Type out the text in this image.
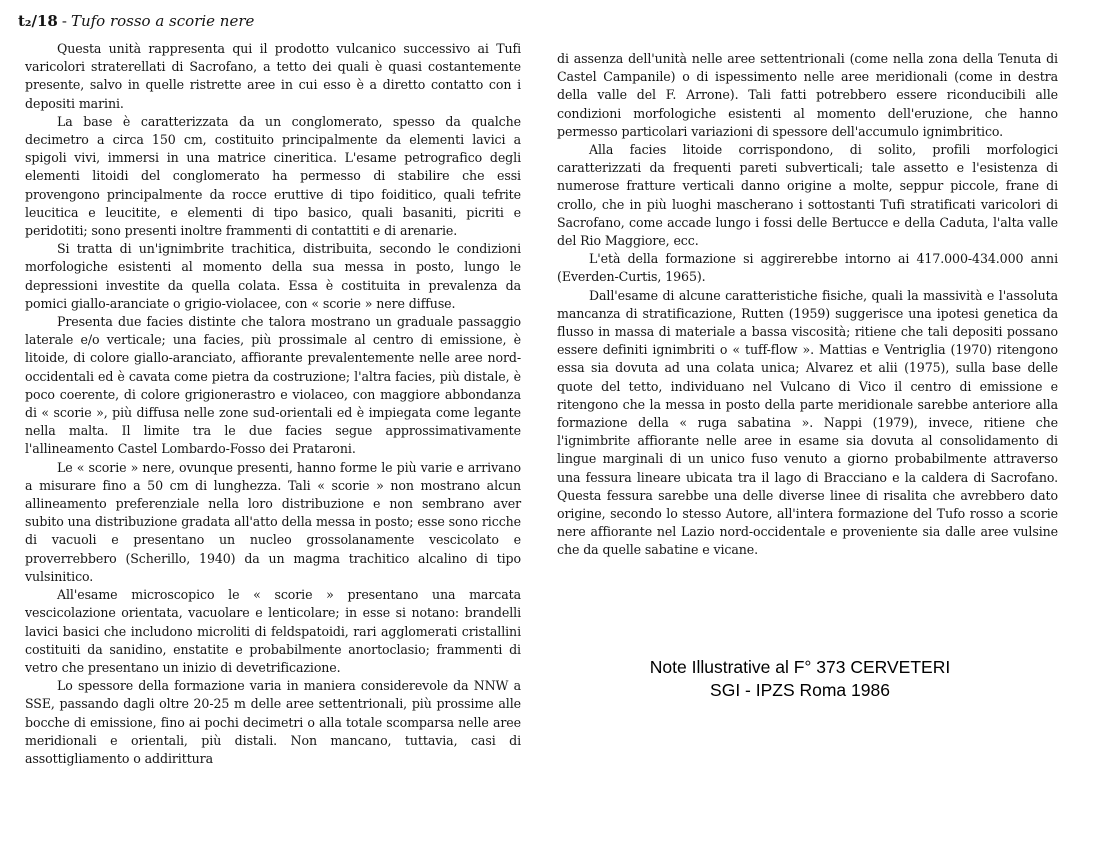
t₂/18 - Tufo rosso a scorie nere

Questa unità rappresenta qui il prodotto vulcanico successivo ai Tufi varicolori straterellati di Sacrofano, a tetto dei quali è quasi costantemente presente, salvo in quelle ristrette aree in cui esso è a diretto contatto con i depositi marini.

La base è caratterizzata da un conglomerato, spesso da qualche decimetro a circa 150 cm, costituito principalmente da elementi lavici a spigoli vivi, immersi in una matrice cineritica. L'esame petrografico degli elementi litoidi del conglomerato ha permesso di stabilire che essi provengono principalmente da rocce eruttive di tipo foiditico, quali tefrite leucitica e leucitite, e elementi di tipo basico, quali basaniti, picriti e peridotiti; sono presenti inoltre frammenti di contattiti e di arenarie.

Si tratta di un'ignimbrite trachitica, distribuita, secondo le condizioni morfologiche esistenti al momento della sua messa in posto, lungo le depressioni investite da quella colata. Essa è costituita in prevalenza da pomici giallo-aranciate o grigio-violacee, con « scorie » nere diffuse.

Presenta due facies distinte che talora mostrano un graduale passaggio laterale e/o verticale; una facies, più prossimale al centro di emissione, è litoide, di colore giallo-aranciato, affiorante prevalentemente nelle aree nord-occidentali ed è cavata come pietra da costruzione; l'altra facies, più distale, è poco coerente, di colore grigionerastro e violaceo, con maggiore abbondanza di « scorie », più diffusa nelle zone sud-orientali ed è impiegata come legante nella malta. Il limite tra le due facies segue approssimativamente l'allineamento Castel Lombardo-Fosso dei Prataroni.

Le « scorie » nere, ovunque presenti, hanno forme le più varie e arrivano a misurare fino a 50 cm di lunghezza. Tali « scorie » non mostrano alcun allineamento preferenziale nella loro distribuzione e non sembrano aver subito una distribuzione gradata all'atto della messa in posto; esse sono ricche di vacuoli e presentano un nucleo grossolanamente vescicolato e proverrebbero (Scherillo, 1940) da un magma trachitico alcalino di tipo vulsinitico.

All'esame microscopico le « scorie » presentano una marcata vescicolazione orientata, vacuolare e lenticolare; in esse si notano: brandelli lavici basici che includono microliti di feldspatoidi, rari agglomerati cristallini costituiti da sanidino, enstatite e probabilmente anortoclasio; frammenti di vetro che presentano un inizio di devetrificazione.

Lo spessore della formazione varia in maniera considerevole da NNW a SSE, passando dagli oltre 20-25 m delle aree settentrionali, più prossime alle bocche di emissione, fino ai pochi decimetri o alla totale scomparsa nelle aree meridionali e orientali, più distali. Non mancano, tuttavia, casi di assottigliamento o addirittura

di assenza dell'unità nelle aree settentrionali (come nella zona della Tenuta di Castel Campanile) o di ispessimento nelle aree meridionali (come in destra della valle del F. Arrone). Tali fatti potrebbero essere riconducibili alle condizioni morfologiche esistenti al momento dell'eruzione, che hanno permesso particolari variazioni di spessore dell'accumulo ignimbritico.

Alla facies litoide corrispondono, di solito, profili morfologici caratterizzati da frequenti pareti subverticali; tale assetto e l'esistenza di numerose fratture verticali danno origine a molte, seppur piccole, frane di crollo, che in più luoghi mascherano i sottostanti Tufi stratificati varicolori di Sacrofano, come accade lungo i fossi delle Bertucce e della Caduta, l'alta valle del Rio Maggiore, ecc.

L'età della formazione si aggirerebbe intorno ai 417.000-434.000 anni (Everden-Curtis, 1965).

Dall'esame di alcune caratteristiche fisiche, quali la massività e l'assoluta mancanza di stratificazione, Rutten (1959) suggerisce una ipotesi genetica da flusso in massa di materiale a bassa viscosità; ritiene che tali depositi possano essere definiti ignimbriti o « tuff-flow ». Mattias e Ventriglia (1970) ritengono essa sia dovuta ad una colata unica; Alvarez et alii (1975), sulla base delle quote del tetto, individuano nel Vulcano di Vico il centro di emissione e ritengono che la messa in posto della parte meridionale sarebbe anteriore alla formazione della « ruga sabatina ». Nappi (1979), invece, ritiene che l'ignimbrite affiorante nelle aree in esame sia dovuta al consolidamento di lingue marginali di un unico fuso venuto a giorno probabilmente attraverso una fessura lineare ubicata tra il lago di Bracciano e la caldera di Sacrofano. Questa fessura sarebbe una delle diverse linee di risalita che avrebbero dato origine, secondo lo stesso Autore, all'intera formazione del Tufo rosso a scorie nere affiorante nel Lazio nord-occidentale e proveniente sia dalle aree vulsine che da quelle sabatine e vicane.

Note Illustrative al F° 373 CERVETERI
SGI - IPZS Roma 1986
